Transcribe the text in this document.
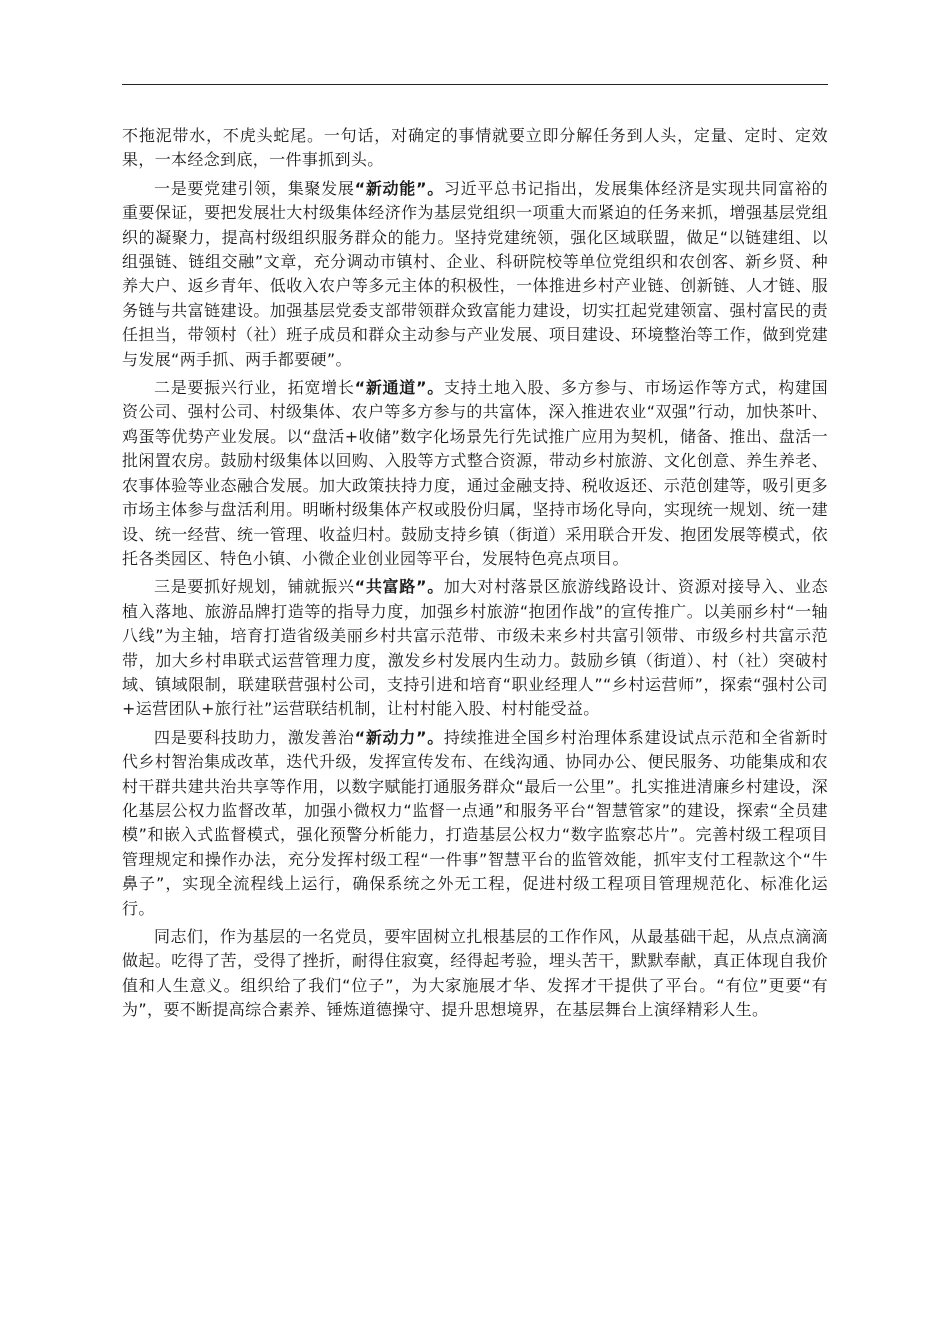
不拖泥带水，不虎头蛇尾。一句话，对确定的事情就要立即分解任务到人头，定量、定时、定效果，一本经念到底，一件事抓到头。

一是要党建引领，集聚发展“新动能”。习近平总书记指出，发展集体经济是实现共同富裕的重要保证，要把发展壮大村级集体经济作为基层党组织一项重大而紧迫的任务来抓，增强基层党组织的凝聚力，提高村级组织服务群众的能力。坚持党建统领，强化区域联盟，做足“以链建组、以组强链、链组交融”文章，充分调动市镇村、企业、科研院校等单位党组织和农创客、新乡贤、种养大户、返乡青年、低收入农户等多元主体的积极性，一体推进乡村产业链、创新链、人才链、服务链与共富链建设。加强基层党委支部带领群众致富能力建设，切实扛起党建领富、强村富民的责任担当，带领村（社）班子成员和群众主动参与产业发展、项目建设、环境整治等工作，做到党建与发展“两手抓、两手都要硬”。

二是要振兴行业，拓宽增长“新通道”。支持土地入股、多方参与、市场运作等方式，构建国资公司、强村公司、村级集体、农户等多方参与的共富体，深入推进农业“双强”行动，加快茶叶、鸡蛋等优势产业发展。以“盘活+收储”数字化场景先行先试推广应用为契机，储备、推出、盘活一批闲置农房。鼓励村级集体以回购、入股等方式整合资源，带动乡村旅游、文化创意、养生养老、农事体验等业态融合发展。加大政策扶持力度，通过金融支持、税收返还、示范创建等，吸引更多市场主体参与盘活利用。明晰村级集体产权或股份归属，坚持市场化导向，实现统一规划、统一建设、统一经营、统一管理、收益归村。鼓励支持乡镇（街道）采用联合开发、抱团发展等模式，依托各类园区、特色小镇、小微企业创业园等平台，发展特色亮点项目。

三是要抓好规划，铺就振兴“共富路”。加大对村落景区旅游线路设计、资源对接导入、业态植入落地、旅游品牌打造等的指导力度，加强乡村旅游“抱团作战”的宣传推广。以美丽乡村“一轴八线”为主轴，培育打造省级美丽乡村共富示范带、市级未来乡村共富引领带、市级乡村共富示范带，加大乡村串联式运营管理力度，激发乡村发展内生动力。鼓励乡镇（街道）、村（社）突破村域、镇域限制，联建联营强村公司，支持引进和培育“职业经理人”“乡村运营师”，探索“强村公司+运营团队+旅行社”运营联结机制，让村村能入股、村村能受益。

四是要科技助力，激发善治“新动力”。持续推进全国乡村治理体系建设试点示范和全省新时代乡村智治集成改革，迭代升级，发挥宣传发布、在线沟通、协同办公、便民服务、功能集成和农村干群共建共治共享等作用，以数字赋能打通服务群众“最后一公里”。扎实推进清廉乡村建设，深化基层公权力监督改革，加强小微权力“监督一点通”和服务平台“智慧管家”的建设，探索“全员建模”和嵌入式监督模式，强化预警分析能力，打造基层公权力“数字监察芯片”。完善村级工程项目管理规定和操作办法，充分发挥村级工程“一件事”智慧平台的监管效能，抓牢支付工程款这个“牛鼻子”，实现全流程线上运行，确保系统之外无工程，促进村级工程项目管理规范化、标准化运行。

同志们，作为基层的一名党员，要牢固树立扎根基层的工作作风，从最基础干起，从点点滴滴做起。吃得了苦，受得了挫折，耐得住寂寞，经得起考验，埋头苦干，默默奉献，真正体现自我价值和人生意义。组织给了我们“位子”，为大家施展才华、发挥才干提供了平台。“有位”更要“有为”，要不断提高综合素养、锤炼道德操守、提升思想境界，在基层舞台上演绎精彩人生。
